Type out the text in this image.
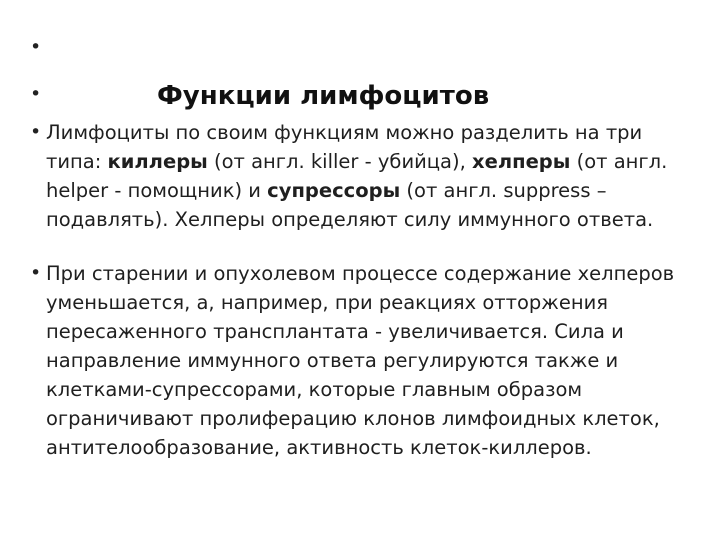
•
•	Функции лимфоцитов
• Лимфоциты по своим функциям можно разделить на три типа: киллеры (от англ. killer - убийца), хелперы (от англ. helper - помощник) и супрессоры (от англ. suppress – подавлять). Хелперы определяют силу иммунного ответа.

• При старении и опухолевом процессе содержание хелперов уменьшается, а, например, при реакциях отторжения пересаженного трансплантата - увеличивается. Сила и направление иммунного ответа регулируются также и клетками-супрессорами, которые главным образом ограничивают пролиферацию клонов лимфоидных клеток, антителообразование, активность клеток-киллеров.
